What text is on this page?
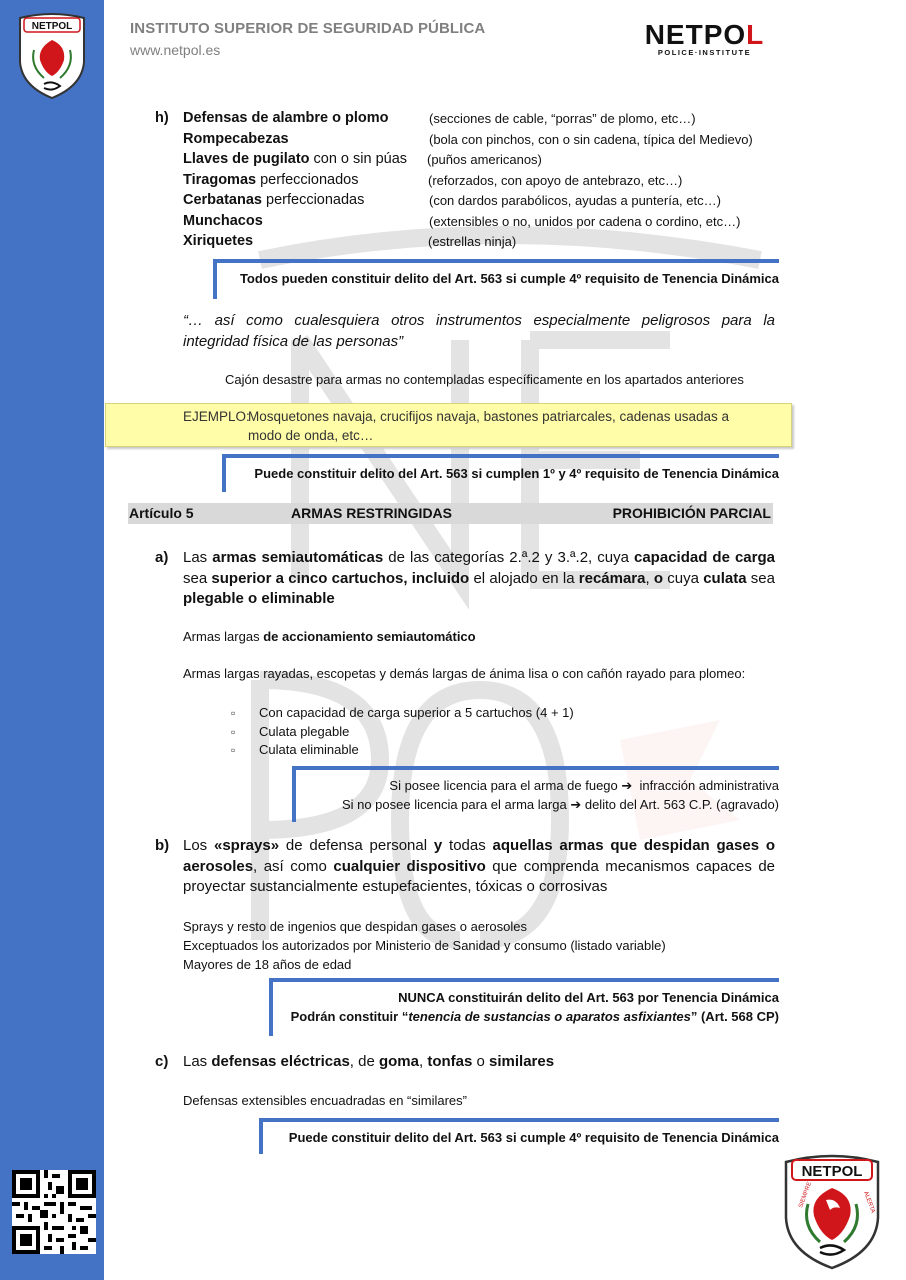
NETPOL	INSTITUTO SUPERIOR DE SEGURIDAD PÚBLICA
www.netpol.es	NETPOL
POLICE·INSTITUTE
h) Defensas de alambre o plomo	(secciones de cable, “porras” de plomo, etc…)
Rompecabezas	(bola con pinchos, con o sin cadena, típica del Medievo)
Llaves de pugilato con o sin púas (puños americanos)
Tiragomas perfeccionados	(reforzados, con apoyo de antebrazo, etc…)
Cerbatanas perfeccionadas	(con dardos parabólicos, ayudas a puntería, etc…)
Munchacos	(extensibles o no, unidos por cadena o cordino, etc…)
Xiriquetes	(estrellas ninja)
Todos pueden constituir delito del Art. 563 si cumple 4º requisito de Tenencia Dinámica
“… así como cualesquiera otros instrumentos especialmente peligrosos para la integridad física de las personas”
Cajón desastre para armas no contempladas específicamente en los apartados anteriores
EJEMPLO:
Mosquetones navaja, crucifijos navaja, bastones patriarcales, cadenas usadas a
modo de onda, etc…
Puede constituir delito del Art. 563 si cumplen 1º y 4º requisito de Tenencia Dinámica
Artículo 5	ARMAS RESTRINGIDAS	PROHIBICIÓN PARCIAL
a) Las armas semiautomáticas de las categorías 2.ª.2 y 3.ª.2, cuya capacidad de carga sea superior a cinco cartuchos, incluido el alojado en la recámara, o cuya culata sea plegable o eliminable
Armas largas de accionamiento semiautomático
Armas largas rayadas, escopetas y demás largas de ánima lisa o con cañón rayado para plomeo:
▫ Con capacidad de carga superior a 5 cartuchos (4 + 1)
▫ Culata plegable
▫ Culata eliminable
Si posee licencia para el arma de fuego ➔ infracción administrativa
Si no posee licencia para el arma larga ➔ delito del Art. 563 C.P. (agravado)
b) Los «sprays» de defensa personal y todas aquellas armas que despidan gases o aerosoles, así como cualquier dispositivo que comprenda mecanismos capaces de proyectar sustancialmente estupefacientes, tóxicas o corrosivas
Sprays y resto de ingenios que despidan gases o aerosoles
Exceptuados los autorizados por Ministerio de Sanidad y consumo (listado variable)
Mayores de 18 años de edad
NUNCA constituirán delito del Art. 563 por Tenencia Dinámica
Podrán constituir “tenencia de sustancias o aparatos asfixiantes” (Art. 568 CP)
c) Las defensas eléctricas, de goma, tonfas o similares
Defensas extensibles encuadradas en “similares”
Puede constituir delito del Art. 563 si cumple 4º requisito de Tenencia Dinámica
NETPOL
SIEMPRE	ALERTA
